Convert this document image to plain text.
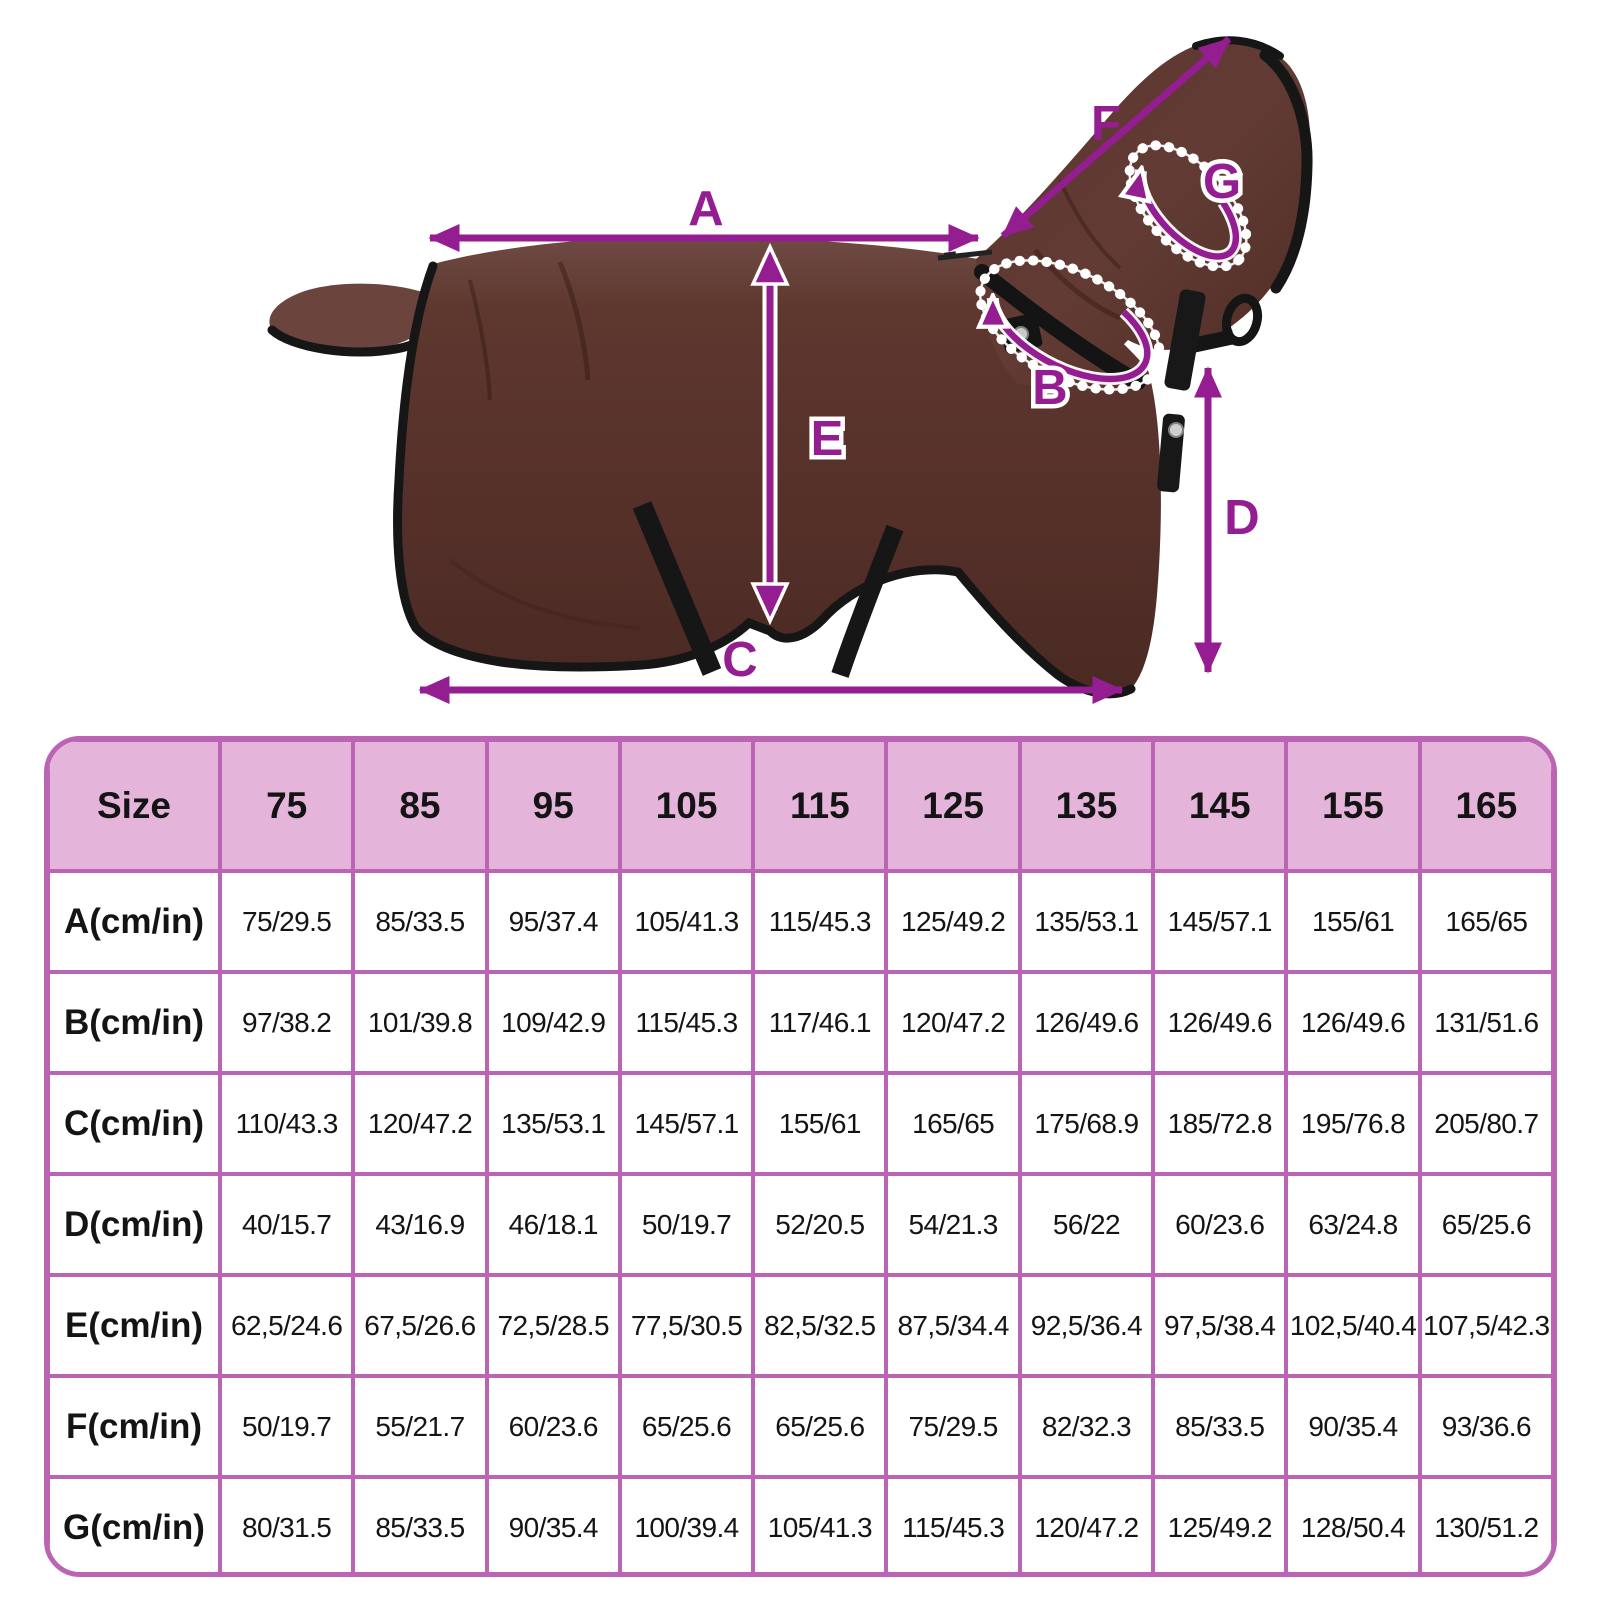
A
F
E
C
D
G
B
Size	75	85	95	105	115	125	135	145	155	165
A(cm/in)	75/29.5	85/33.5	95/37.4	105/41.3	115/45.3	125/49.2	135/53.1	145/57.1	155/61	165/65
B(cm/in)	97/38.2	101/39.8	109/42.9	115/45.3	117/46.1	120/47.2	126/49.6	126/49.6	126/49.6	131/51.6
C(cm/in)	110/43.3	120/47.2	135/53.1	145/57.1	155/61	165/65	175/68.9	185/72.8	195/76.8	205/80.7
D(cm/in)	40/15.7	43/16.9	46/18.1	50/19.7	52/20.5	54/21.3	56/22	60/23.6	63/24.8	65/25.6
E(cm/in)	62,5/24.6	67,5/26.6	72,5/28.5	77,5/30.5	82,5/32.5	87,5/34.4	92,5/36.4	97,5/38.4	102,5/40.4	107,5/42.3
F(cm/in)	50/19.7	55/21.7	60/23.6	65/25.6	65/25.6	75/29.5	82/32.3	85/33.5	90/35.4	93/36.6
G(cm/in)	80/31.5	85/33.5	90/35.4	100/39.4	105/41.3	115/45.3	120/47.2	125/49.2	128/50.4	130/51.2
